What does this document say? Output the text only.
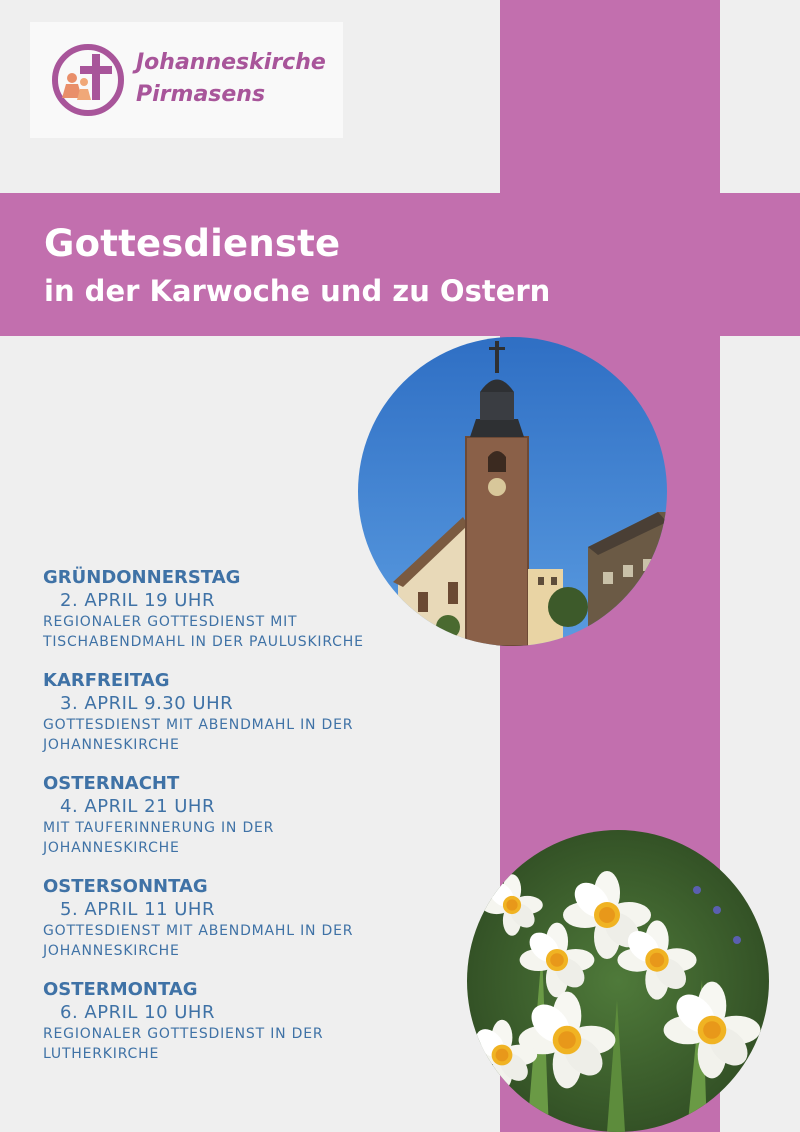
Johanneskirche
Pirmasens
Gottesdienste
in der Karwoche und zu Ostern
GRÜNDONNERSTAG
2. APRIL 19 UHR
REGIONALER GOTTESDIENST MIT
TISCHABENDMAHL IN DER PAULUSKIRCHE
KARFREITAG
3. APRIL 9.30 UHR
GOTTESDIENST MIT ABENDMAHL IN DER
JOHANNESKIRCHE
OSTERNACHT
4. APRIL 21 UHR
MIT TAUFERINNERUNG IN DER
JOHANNESKIRCHE
OSTERSONNTAG
5. APRIL 11 UHR
GOTTESDIENST MIT ABENDMAHL IN DER
JOHANNESKIRCHE
OSTERMONTAG
6. APRIL 10 UHR
REGIONALER GOTTESDIENST IN DER
LUTHERKIRCHE
